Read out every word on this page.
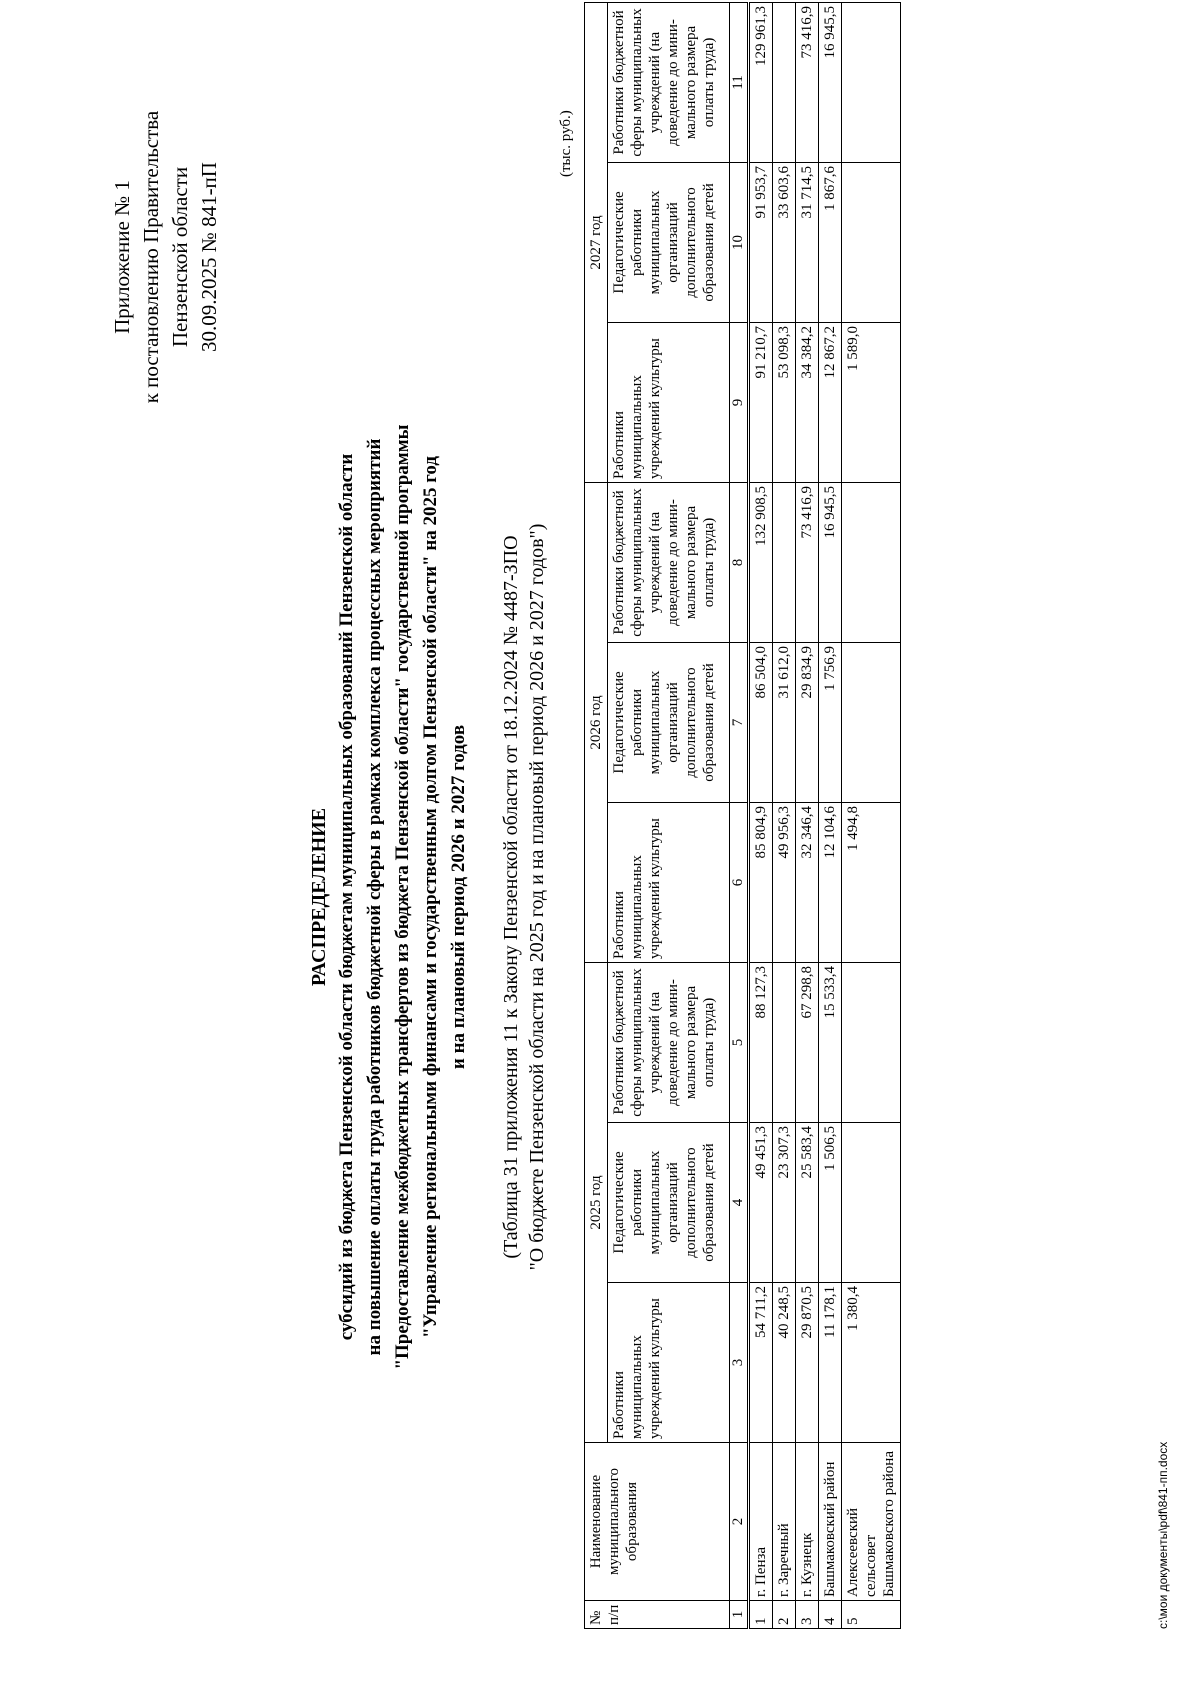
Приложение № 1 к постановлению Правительства Пензенской области 30.09.2025 № 841-пП
РАСПРЕДЕЛЕНИЕ субсидий из бюджета Пензенской области бюджетам муниципальных образований Пензенской области на повышение оплаты труда работников бюджетной сферы в рамках комплекса процессных мероприятий "Предоставление межбюджетных трансфертов из бюджета Пензенской области" государственной программы "Управление региональными финансами и государственным долгом Пензенской области" на 2025 год и на плановый период 2026 и 2027 годов (Таблица 31 приложения 11 к Закону Пензенской области от 18.12.2024 № 4487-ЗПО "О бюджете Пензенской области на 2025 год и на плановый период 2026 и 2027 годов")
(тыс. руб.)
№ п/п	Наименование муниципального образования	2025 год			2026 год			2027 год		
		Работники муниципальных учреждений культуры	Педагогические работники муниципальных организаций дополнительного образования детей	Работники бюджетной сферы муниципальных учреждений (на доведение до мини-мального размера оплаты труда)	Работники муниципальных учреждений культуры	Педагогические работники муниципальных организаций дополнительного образования детей	Работники бюджетной сферы муниципальных учреждений (на доведение до мини-мального размера оплаты труда)	Работники муниципальных учреждений культуры	Педагогические работники муниципальных организаций дополнительного образования детей	Работники бюджетной сферы муниципальных учреждений (на доведение до мини-мального размера оплаты труда)
1	2	3	4	5	6	7	8	9	10	11
1	г. Пенза	54 711,2	49 451,3	88 127,3	85 804,9	86 504,0	132 908,5	91 210,7	91 953,7	129 961,3
2	г. Заречный	40 248,5	23 307,3		49 956,3	31 612,0		53 098,3	33 603,6	
3	г. Кузнецк	29 870,5	25 583,4	67 298,8	32 346,4	29 834,9	73 416,9	34 384,2	31 714,5	73 416,9
4	Башмаковский район	11 178,1	1 506,5	15 533,4	12 104,6	1 756,9	16 945,5	12 867,2	1 867,6	16 945,5
5	Алексеевский сельсовет Башмаковского района	1 380,4			1 494,8			1 589,0		
c:\мои документы\pdf\841-пп.docx
